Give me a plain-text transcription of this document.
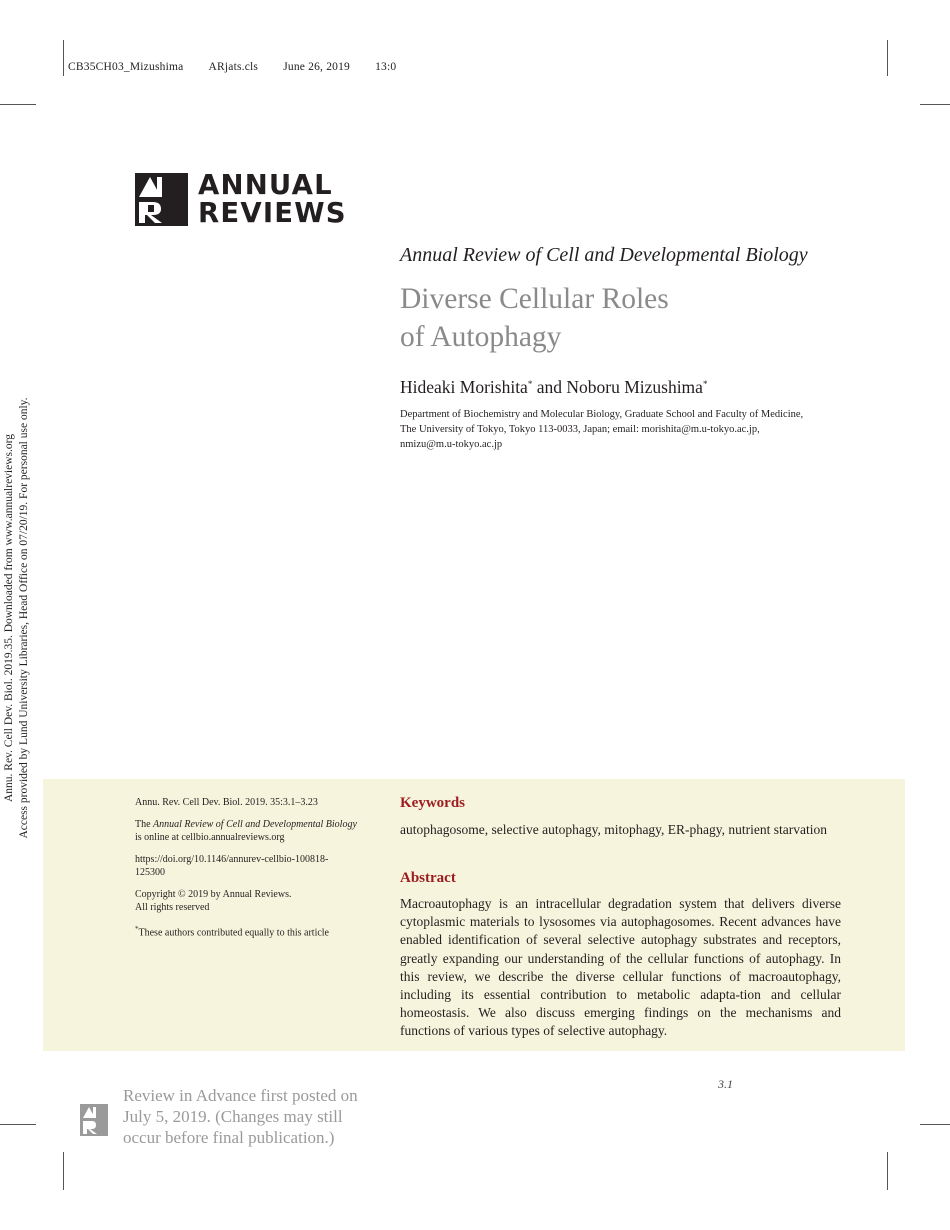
CB35CH03_Mizushima ARjats.cls June 26, 2019 13:0
ANNUAL
REVIEWS
Annual Review of Cell and Developmental Biology
Diverse Cellular Roles
of Autophagy
Hideaki Morishita* and Noboru Mizushima*
Department of Biochemistry and Molecular Biology, Graduate School and Faculty of Medicine,
The University of Tokyo, Tokyo 113-0033, Japan; email: morishita@m.u-tokyo.ac.jp,
nmizu@m.u-tokyo.ac.jp
Annu. Rev. Cell Dev. Biol. 2019.35. Downloaded from www.annualreviews.org Access provided by Lund University Libraries, Head Office on 07/20/19. For personal use only.	Annu. Rev. Cell Dev. Biol. 2019. 35:3.1–3.23

The Annual Review of Cell and Developmental Biology
is online at cellbio.annualreviews.org

https://doi.org/10.1146/annurev-cellbio-100818-
125300

Copyright © 2019 by Annual Reviews.
All rights reserved

*These authors contributed equally to this article

Keywords
autophagosome, selective autophagy, mitophagy, ER-phagy, nutrient starvation
Abstract
Macroautophagy is an intracellular degradation system that delivers diverse cytoplasmic materials to lysosomes via autophagosomes. Recent advances have enabled identification of several selective autophagy substrates and receptors, greatly expanding our understanding of the cellular functions of autophagy. In this review, we describe the diverse cellular functions of macroautophagy, including its essential contribution to metabolic adapta-tion and cellular homeostasis. We also discuss emerging findings on the mechanisms and functions of various types of selective autophagy.
3.1
Review in Advance first posted on
July 5, 2019. (Changes may still
occur before final publication.)
